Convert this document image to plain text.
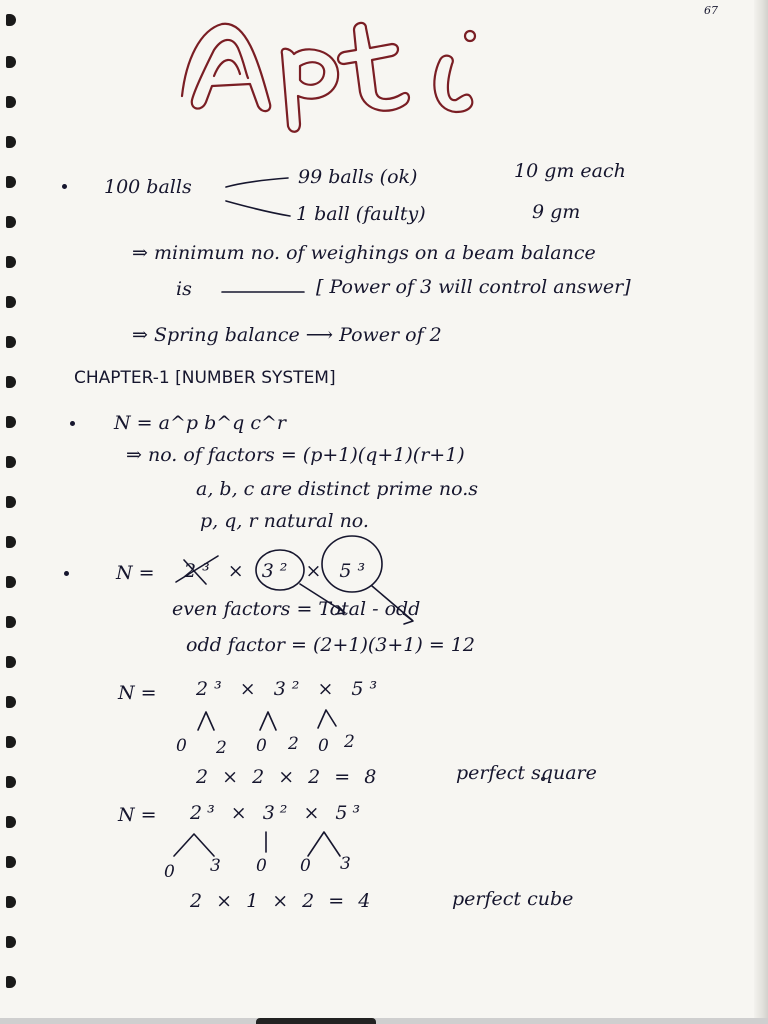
67
100 balls	99 balls (ok)	10 gm each
1 ball (faulty)	9 gm
⇒ minimum no. of weighings on a beam balance
is	[ Power of 3 will control answer]
⇒ Spring balance ⟶ Power of 2
CHAPTER-1 [NUMBER SYSTEM]
N = a^p b^q c^r
⇒ no. of factors = (p+1)(q+1)(r+1)
a, b, c are distinct prime no.s
p, q, r natural no.
N = 2³ × 3² × 5³
even factors = Total - odd
odd factor = (2+1)(3+1) = 12
N = 2³ × 3² × 5³
0 2 0 2 0 2
2 × 2 × 2 = 8	perfect square
N = 2³ × 3² × 5³
0 3 0 0 3
2 × 1 × 2 = 4	perfect cube
